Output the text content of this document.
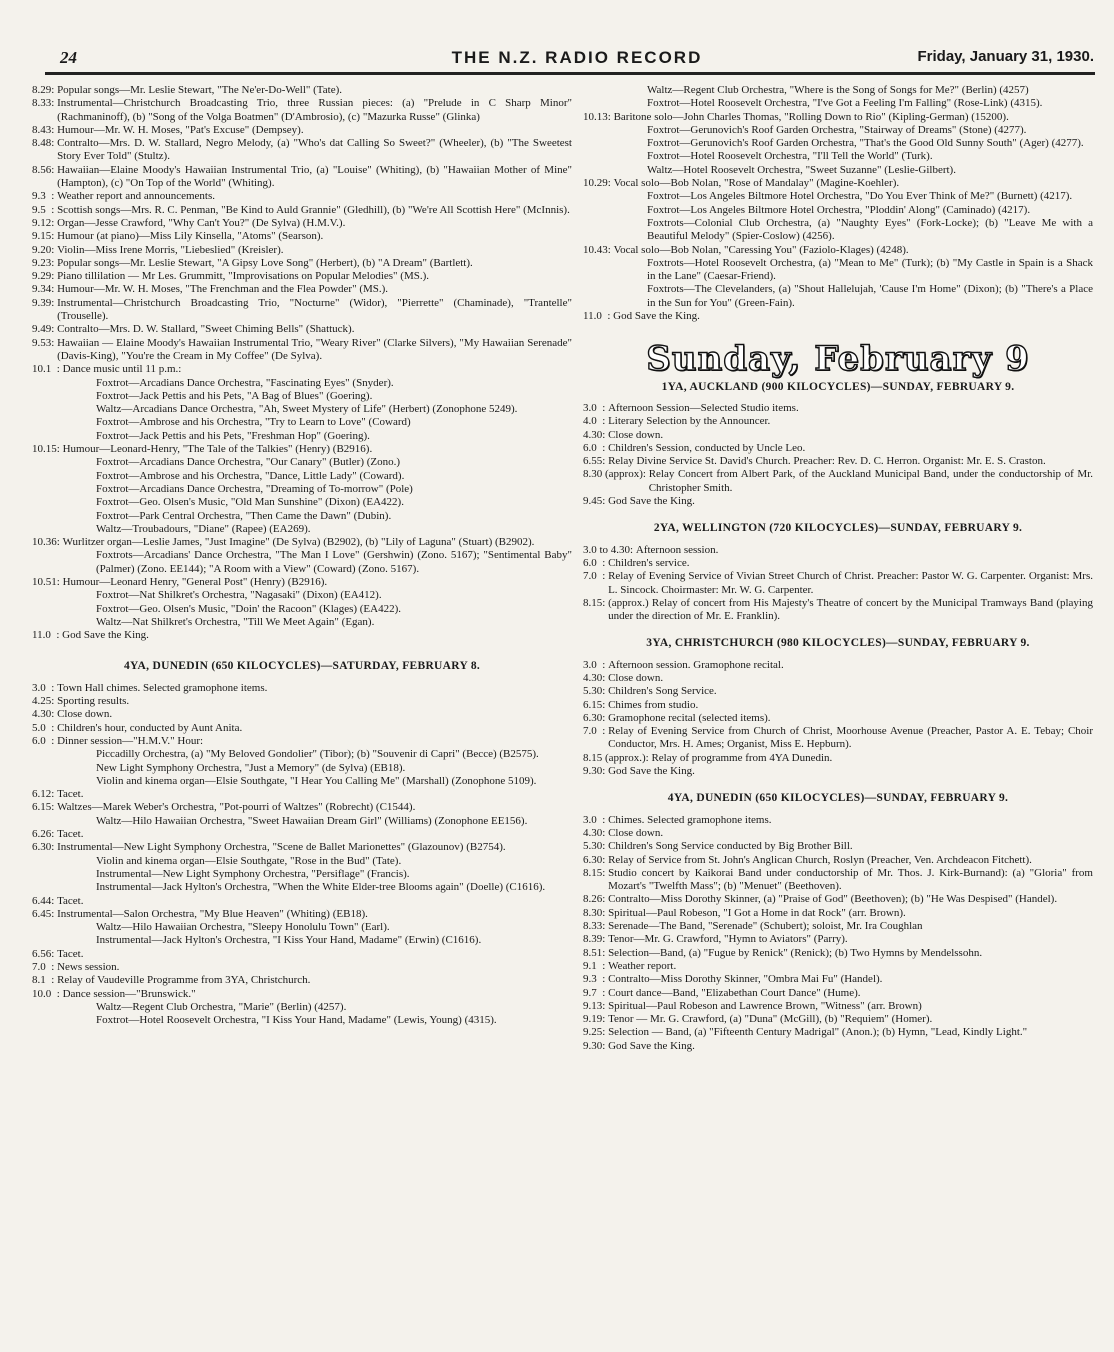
24	THE N.Z. RADIO RECORD	Friday, January 31, 1930.
8.29: Popular songs—Mr. Leslie Stewart, "The Ne'er-Do-Well" (Tate).
8.33: Instrumental—Christchurch Broadcasting Trio, three Russian pieces: (a) "Prelude in C Sharp Minor" (Rachmaninoff), (b) "Song of the Volga Boatmen" (D'Ambrosio), (c) "Mazurka Russe" (Glinka)
8.43: Humour—Mr. W. H. Moses, "Pat's Excuse" (Dempsey).
8.48: Contralto—Mrs. D. W. Stallard, Negro Melody, (a) "Who's dat Calling So Sweet?" (Wheeler), (b) "The Sweetest Story Ever Told" (Stultz).
8.56: Hawaiian—Elaine Moody's Hawaiian Instrumental Trio, (a) "Louise" (Whiting), (b) "Hawaiian Mother of Mine" (Hampton), (c) "On Top of the World" (Whiting).
9.3  : Weather report and announcements.
9.5  : Scottish songs—Mrs. R. C. Penman, "Be Kind to Auld Grannie" (Gledhill), (b) "We're All Scottish Here" (McInnis).
9.12: Organ—Jesse Crawford, "Why Can't You?" (De Sylva) (H.M.V.).
9.15: Humour (at piano)—Miss Lily Kinsella, "Atoms" (Searson).
9.20: Violin—Miss Irene Morris, "Liebeslied" (Kreisler).
9.23: Popular songs—Mr. Leslie Stewart, "A Gipsy Love Song" (Herbert), (b) "A Dream" (Bartlett).
9.29: Piano tillilation — Mr Les. Grummitt, "Improvisations on Popular Melodies" (MS.).
9.34: Humour—Mr. W. H. Moses, "The Frenchman and the Flea Powder" (MS.).
9.39: Instrumental—Christchurch Broadcasting Trio, "Nocturne" (Widor), "Pierrette" (Chaminade), "Trantelle" (Trouselle).
9.49: Contralto—Mrs. D. W. Stallard, "Sweet Chiming Bells" (Shattuck).
9.53: Hawaiian — Elaine Moody's Hawaiian Instrumental Trio, "Weary River" (Clarke Silvers), "My Hawaiian Serenade" (Davis-King), "You're the Cream in My Coffee" (De Sylva).
10.1  : Dance music until 11 p.m.:
Foxtrot—Arcadians Dance Orchestra, "Fascinating Eyes" (Snyder).
Foxtrot—Jack Pettis and his Pets, "A Bag of Blues" (Goering).
Waltz—Arcadians Dance Orchestra, "Ah, Sweet Mystery of Life" (Herbert) (Zonophone 5249).
Foxtrot—Ambrose and his Orchestra, "Try to Learn to Love" (Coward)
Foxtrot—Jack Pettis and his Pets, "Freshman Hop" (Goering).
10.15: Humour—Leonard-Henry, "The Tale of the Talkies" (Henry) (B2916).
Foxtrot—Arcadians Dance Orchestra, "Our Canary" (Butler) (Zono.)
Foxtrot—Ambrose and his Orchestra, "Dance, Little Lady" (Coward).
Foxtrot—Arcadians Dance Orchestra, "Dreaming of To-morrow" (Pole)
Foxtrot—Geo. Olsen's Music, "Old Man Sunshine" (Dixon) (EA422).
Foxtrot—Park Central Orchestra, "Then Came the Dawn" (Dubin).
Waltz—Troubadours, "Diane" (Rapee) (EA269).
10.36: Wurlitzer organ—Leslie James, "Just Imagine" (De Sylva) (B2902), (b) "Lily of Laguna" (Stuart) (B2902).
Foxtrots—Arcadians' Dance Orchestra, "The Man I Love" (Gershwin) (Zono. 5167); "Sentimental Baby" (Palmer) (Zono. EE144); "A Room with a View" (Coward) (Zono. 5167).
10.51: Humour—Leonard Henry, "General Post" (Henry) (B2916).
Foxtrot—Nat Shilkret's Orchestra, "Nagasaki" (Dixon) (EA412).
Foxtrot—Geo. Olsen's Music, "Doin' the Racoon" (Klages) (EA422).
Waltz—Nat Shilkret's Orchestra, "Till We Meet Again" (Egan).
11.0  : God Save the King.
4YA, DUNEDIN (650 KILOCYCLES)—SATURDAY, FEBRUARY 8.
3.0  : Town Hall chimes. Selected gramophone items.
4.25: Sporting results.
4.30: Close down.
5.0  : Children's hour, conducted by Aunt Anita.
6.0  : Dinner session—"H.M.V." Hour:
Piccadilly Orchestra, (a) "My Beloved Gondolier" (Tibor); (b) "Souvenir di Capri" (Becce) (B2575).
New Light Symphony Orchestra, "Just a Memory" (de Sylva) (EB18).
Violin and kinema organ—Elsie Southgate, "I Hear You Calling Me" (Marshall) (Zonophone 5109).
6.12: Tacet.
6.15: Waltzes—Marek Weber's Orchestra, "Pot-pourri of Waltzes" (Robrecht) (C1544).
Waltz—Hilo Hawaiian Orchestra, "Sweet Hawaiian Dream Girl" (Williams) (Zonophone EE156).
6.26: Tacet.
6.30: Instrumental—New Light Symphony Orchestra, "Scene de Ballet Marionettes" (Glazounov) (B2754).
Violin and kinema organ—Elsie Southgate, "Rose in the Bud" (Tate).
Instrumental—New Light Symphony Orchestra, "Persiflage" (Francis).
Instrumental—Jack Hylton's Orchestra, "When the White Elder-tree Blooms again" (Doelle) (C1616).
6.44: Tacet.
6.45: Instrumental—Salon Orchestra, "My Blue Heaven" (Whiting) (EB18).
Waltz—Hilo Hawaiian Orchestra, "Sleepy Honolulu Town" (Earl).
Instrumental—Jack Hylton's Orchestra, "I Kiss Your Hand, Madame" (Erwin) (C1616).
6.56: Tacet.
7.0  : News session.
8.1  : Relay of Vaudeville Programme from 3YA, Christchurch.
10.0  : Dance session—"Brunswick."
Waltz—Regent Club Orchestra, "Marie" (Berlin) (4257).
Foxtrot—Hotel Roosevelt Orchestra, "I Kiss Your Hand, Madame" (Lewis, Young) (4315).
Waltz—Regent Club Orchestra, "Where is the Song of Songs for Me?" (Berlin) (4257)
Foxtrot—Hotel Roosevelt Orchestra, "I've Got a Feeling I'm Falling" (Rose-Link) (4315).
10.13: Baritone solo—John Charles Thomas, "Rolling Down to Rio" (Kipling-German) (15200).
Foxtrot—Gerunovich's Roof Garden Orchestra, "Stairway of Dreams" (Stone) (4277).
Foxtrot—Gerunovich's Roof Garden Orchestra, "That's the Good Old Sunny South" (Ager) (4277).
Foxtrot—Hotel Roosevelt Orchestra, "I'll Tell the World" (Turk).
Waltz—Hotel Roosevelt Orchestra, "Sweet Suzanne" (Leslie-Gilbert).
10.29: Vocal solo—Bob Nolan, "Rose of Mandalay" (Magine-Koehler).
Foxtrot—Los Angeles Biltmore Hotel Orchestra, "Do You Ever Think of Me?" (Burnett) (4217).
Foxtrot—Los Angeles Biltmore Hotel Orchestra, "Ploddin' Along" (Caminado) (4217).
Foxtrots—Colonial Club Orchestra, (a) "Naughty Eyes" (Fork-Locke); (b) "Leave Me with a Beautiful Melody" (Spier-Coslow) (4256).
10.43: Vocal solo—Bob Nolan, "Caressing You" (Faziolo-Klages) (4248).
Foxtrots—Hotel Roosevelt Orchestra, (a) "Mean to Me" (Turk); (b) "My Castle in Spain is a Shack in the Lane" (Caesar-Friend).
Foxtrots—The Clevelanders, (a) "Shout Hallelujah, 'Cause I'm Home" (Dixon); (b) "There's a Place in the Sun for You" (Green-Fain).
11.0  : God Save the King.
Sunday, February 9
1YA, AUCKLAND (900 KILOCYCLES)—SUNDAY, FEBRUARY 9.
3.0  : Afternoon Session—Selected Studio items.
4.0  : Literary Selection by the Announcer.
4.30: Close down.
6.0  : Children's Session, conducted by Uncle Leo.
6.55: Relay Divine Service St. David's Church. Preacher: Rev. D. C. Herron. Organist: Mr. E. S. Craston.
8.30 (approx): Relay Concert from Albert Park, of the Auckland Municipal Band, under the conductorship of Mr. Christopher Smith.
9.45: God Save the King.
2YA, WELLINGTON (720 KILOCYCLES)—SUNDAY, FEBRUARY 9.
3.0 to 4.30: Afternoon session.
6.0  : Children's service.
7.0  : Relay of Evening Service of Vivian Street Church of Christ. Preacher: Pastor W. G. Carpenter. Organist: Mrs. L. Sincock. Choirmaster: Mr. W. G. Carpenter.
8.15: (approx.) Relay of concert from His Majesty's Theatre of concert by the Municipal Tramways Band (playing under the direction of Mr. E. Franklin).
3YA, CHRISTCHURCH (980 KILOCYCLES)—SUNDAY, FEBRUARY 9.
3.0  : Afternoon session. Gramophone recital.
4.30: Close down.
5.30: Children's Song Service.
6.15: Chimes from studio.
6.30: Gramophone recital (selected items).
7.0  : Relay of Evening Service from Church of Christ, Moorhouse Avenue (Preacher, Pastor A. E. Tebay; Choir Conductor, Mrs. H. Ames; Organist, Miss E. Hepburn).
8.15 (approx.): Relay of programme from 4YA Dunedin.
9.30: God Save the King.
4YA, DUNEDIN (650 KILOCYCLES)—SUNDAY, FEBRUARY 9.
3.0  : Chimes. Selected gramophone items.
4.30: Close down.
5.30: Children's Song Service conducted by Big Brother Bill.
6.30: Relay of Service from St. John's Anglican Church, Roslyn (Preacher, Ven. Archdeacon Fitchett).
8.15: Studio concert by Kaikorai Band under conductorship of Mr. Thos. J. Kirk-Burnand): (a) "Gloria" from Mozart's "Twelfth Mass"; (b) "Menuet" (Beethoven).
8.26: Contralto—Miss Dorothy Skinner, (a) "Praise of God" (Beethoven); (b) "He Was Despised" (Handel).
8.30: Spiritual—Paul Robeson, "I Got a Home in dat Rock" (arr. Brown).
8.33: Serenade—The Band, "Serenade" (Schubert); soloist, Mr. Ira Coughlan
8.39: Tenor—Mr. G. Crawford, "Hymn to Aviators" (Parry).
8.51: Selection—Band, (a) "Fugue by Renick" (Renick); (b) Two Hymns by Mendelssohn.
9.1  : Weather report.
9.3  : Contralto—Miss Dorothy Skinner, "Ombra Mai Fu" (Handel).
9.7  : Court dance—Band, "Elizabethan Court Dance" (Hume).
9.13: Spiritual—Paul Robeson and Lawrence Brown, "Witness" (arr. Brown)
9.19: Tenor — Mr. G. Crawford, (a) "Duna" (McGill), (b) "Requiem" (Homer).
9.25: Selection — Band, (a) "Fifteenth Century Madrigal" (Anon.); (b) Hymn, "Lead, Kindly Light."
9.30: God Save the King.
